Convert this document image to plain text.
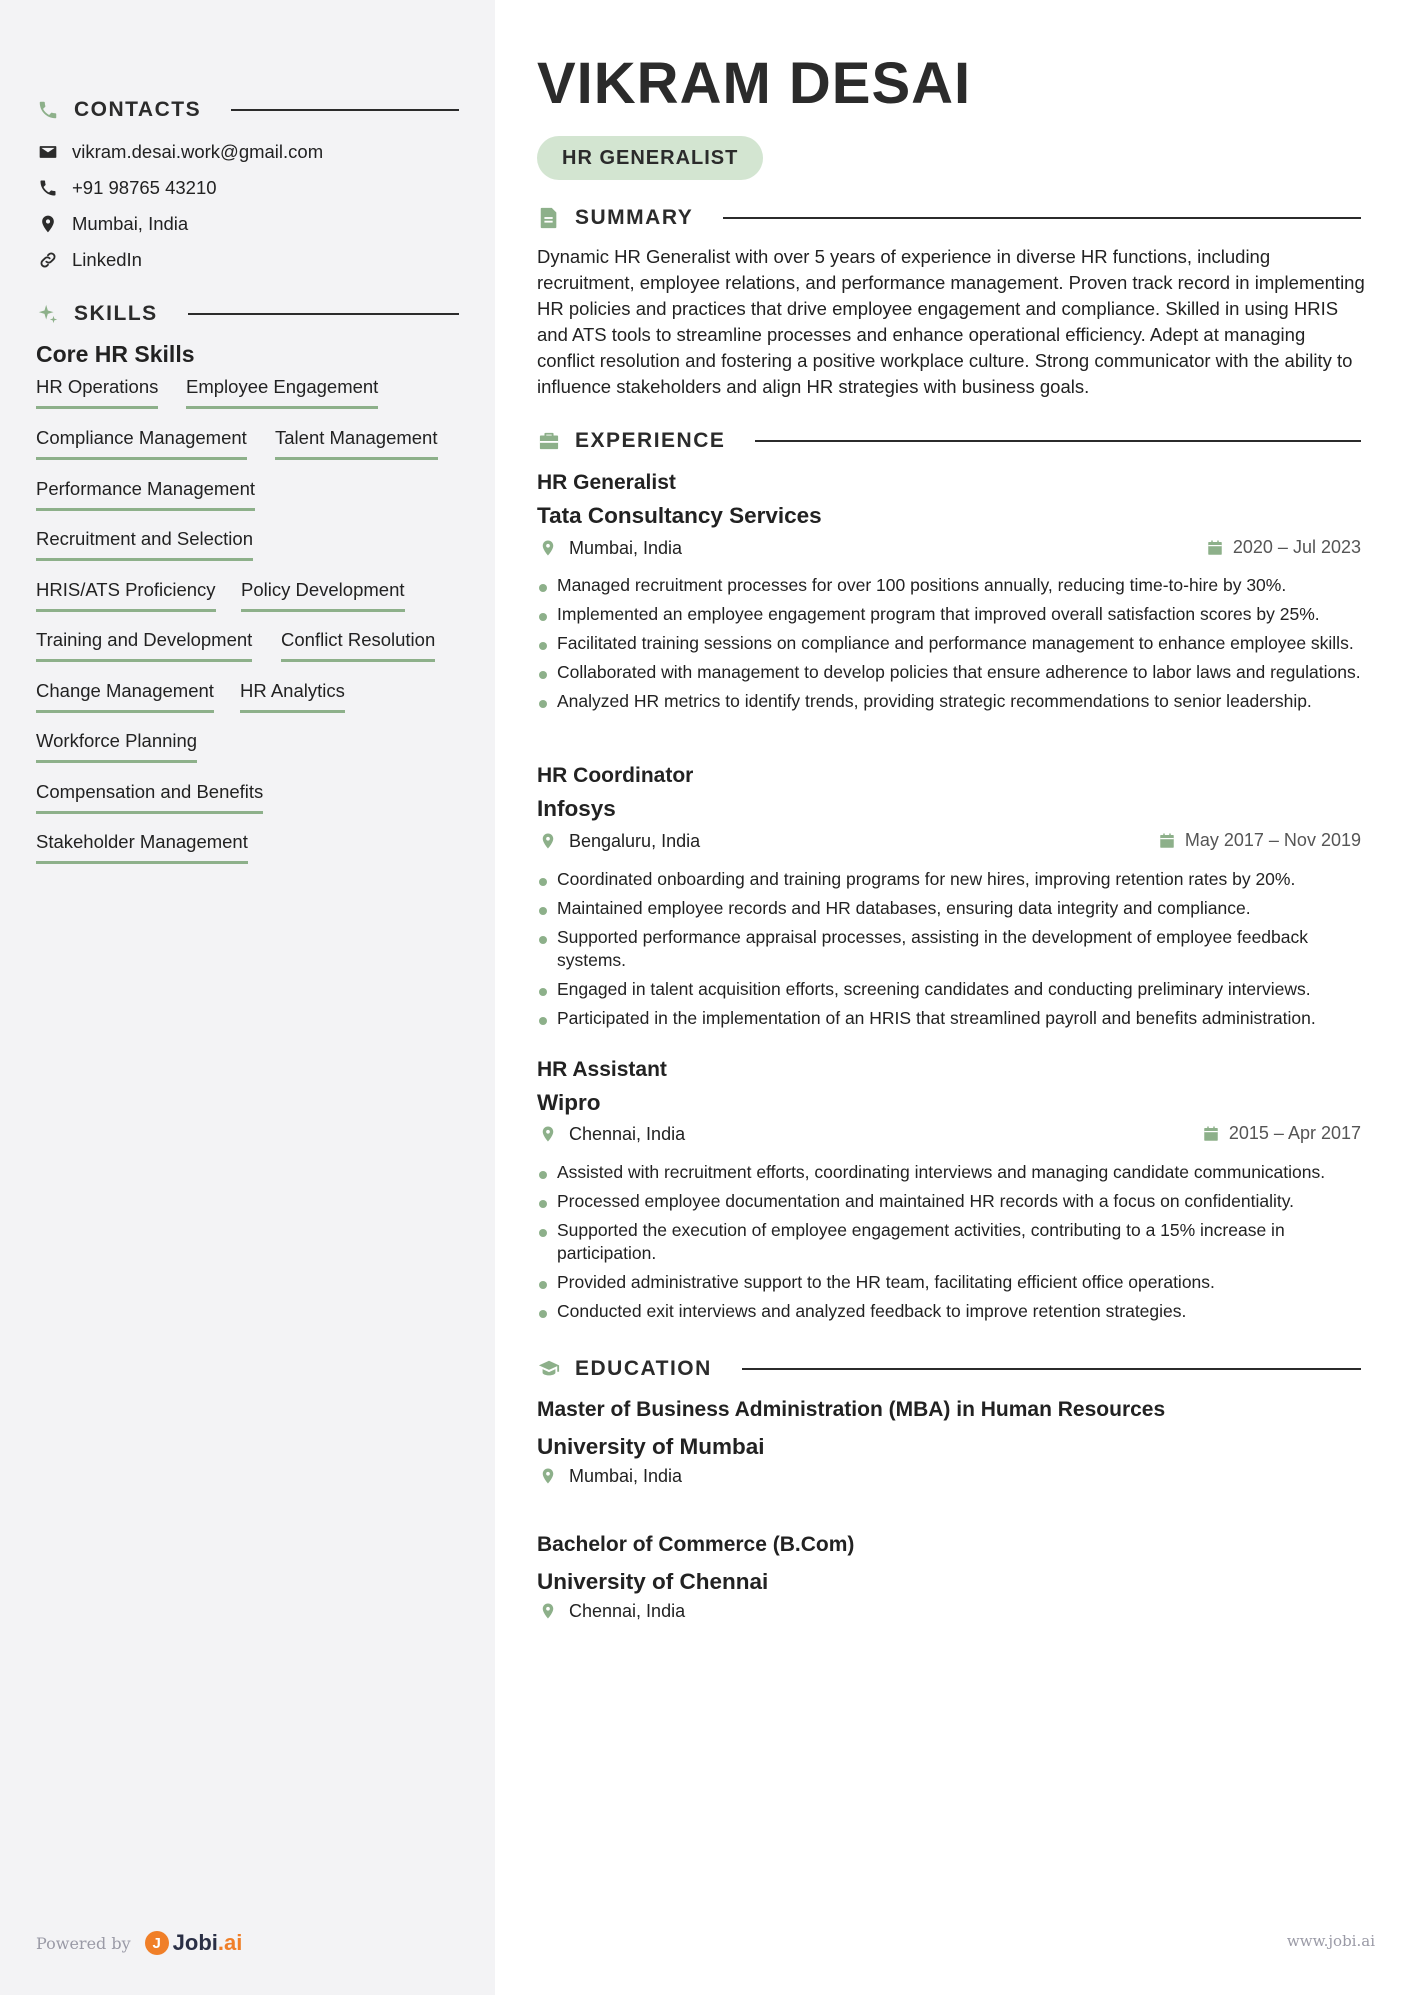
CONTACTS
vikram.desai.work@gmail.com
+91 98765 43210
Mumbai, India
LinkedIn
SKILLS
Core HR Skills
HR Operations Employee Engagement
Compliance Management Talent Management
Performance Management
Recruitment and Selection
HRIS/ATS Proficiency Policy Development
Training and Development Conflict Resolution
Change Management HR Analytics
Workforce Planning
Compensation and Benefits
Stakeholder Management
Powered by	J Jobi .ai
VIKRAM DESAI
HR GENERALIST
SUMMARY

Dynamic HR Generalist with over 5 years of experience in diverse HR functions, including recruitment, employee relations, and performance management. Proven track record in implementing HR policies and practices that drive employee engagement and compliance. Skilled in using HRIS and ATS tools to streamline processes and enhance operational efficiency. Adept at managing conflict resolution and fostering a positive workplace culture. Strong communicator with the ability to influence stakeholders and align HR strategies with business goals.

EXPERIENCE
HR Generalist
Tata Consultancy Services
Mumbai, India	2020 – Jul 2023
Managed recruitment processes for over 100 positions annually, reducing time-to-hire by 30%.
Implemented an employee engagement program that improved overall satisfaction scores by 25%.
Facilitated training sessions on compliance and performance management to enhance employee skills.
Collaborated with management to develop policies that ensure adherence to labor laws and regulations.
Analyzed HR metrics to identify trends, providing strategic recommendations to senior leadership.
HR Coordinator
Infosys
Bengaluru, India	May 2017 – Nov 2019
Coordinated onboarding and training programs for new hires, improving retention rates by 20%.
Maintained employee records and HR databases, ensuring data integrity and compliance.
Supported performance appraisal processes, assisting in the development of employee feedback systems.
Engaged in talent acquisition efforts, screening candidates and conducting preliminary interviews.
Participated in the implementation of an HRIS that streamlined payroll and benefits administration.
HR Assistant
Wipro
Chennai, India	2015 – Apr 2017
Assisted with recruitment efforts, coordinating interviews and managing candidate communications.
Processed employee documentation and maintained HR records with a focus on confidentiality.
Supported the execution of employee engagement activities, contributing to a 15% increase in participation.
Provided administrative support to the HR team, facilitating efficient office operations.
Conducted exit interviews and analyzed feedback to improve retention strategies.
EDUCATION
Master of Business Administration (MBA) in Human Resources
University of Mumbai
Mumbai, India
Bachelor of Commerce (B.Com)
University of Chennai
Chennai, India
www.jobi.ai
